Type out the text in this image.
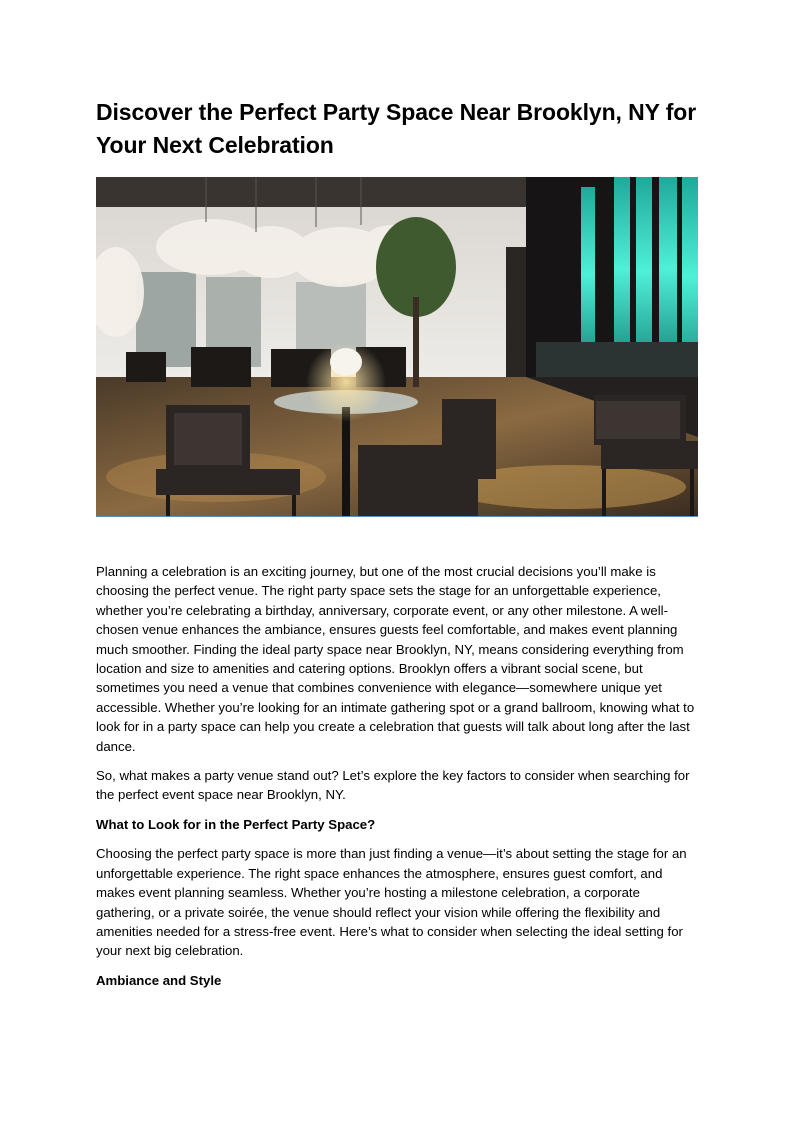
Discover the Perfect Party Space Near Brooklyn, NY for Your Next Celebration

Planning a celebration is an exciting journey, but one of the most crucial decisions you’ll make is choosing the perfect venue. The right party space sets the stage for an unforgettable experience, whether you’re celebrating a birthday, anniversary, corporate event, or any other milestone. A well-chosen venue enhances the ambiance, ensures guests feel comfortable, and makes event planning much smoother. Finding the ideal party space near Brooklyn, NY, means considering everything from location and size to amenities and catering options. Brooklyn offers a vibrant social scene, but sometimes you need a venue that combines convenience with elegance—somewhere unique yet accessible. Whether you’re looking for an intimate gathering spot or a grand ballroom, knowing what to look for in a party space can help you create a celebration that guests will talk about long after the last dance.

So, what makes a party venue stand out? Let’s explore the key factors to consider when searching for the perfect event space near Brooklyn, NY.

What to Look for in the Perfect Party Space?

Choosing the perfect party space is more than just finding a venue—it’s about setting the stage for an unforgettable experience. The right space enhances the atmosphere, ensures guest comfort, and makes event planning seamless. Whether you’re hosting a milestone celebration, a corporate gathering, or a private soirée, the venue should reflect your vision while offering the flexibility and amenities needed for a stress-free event. Here’s what to consider when selecting the ideal setting for your next big celebration.

Ambiance and Style
